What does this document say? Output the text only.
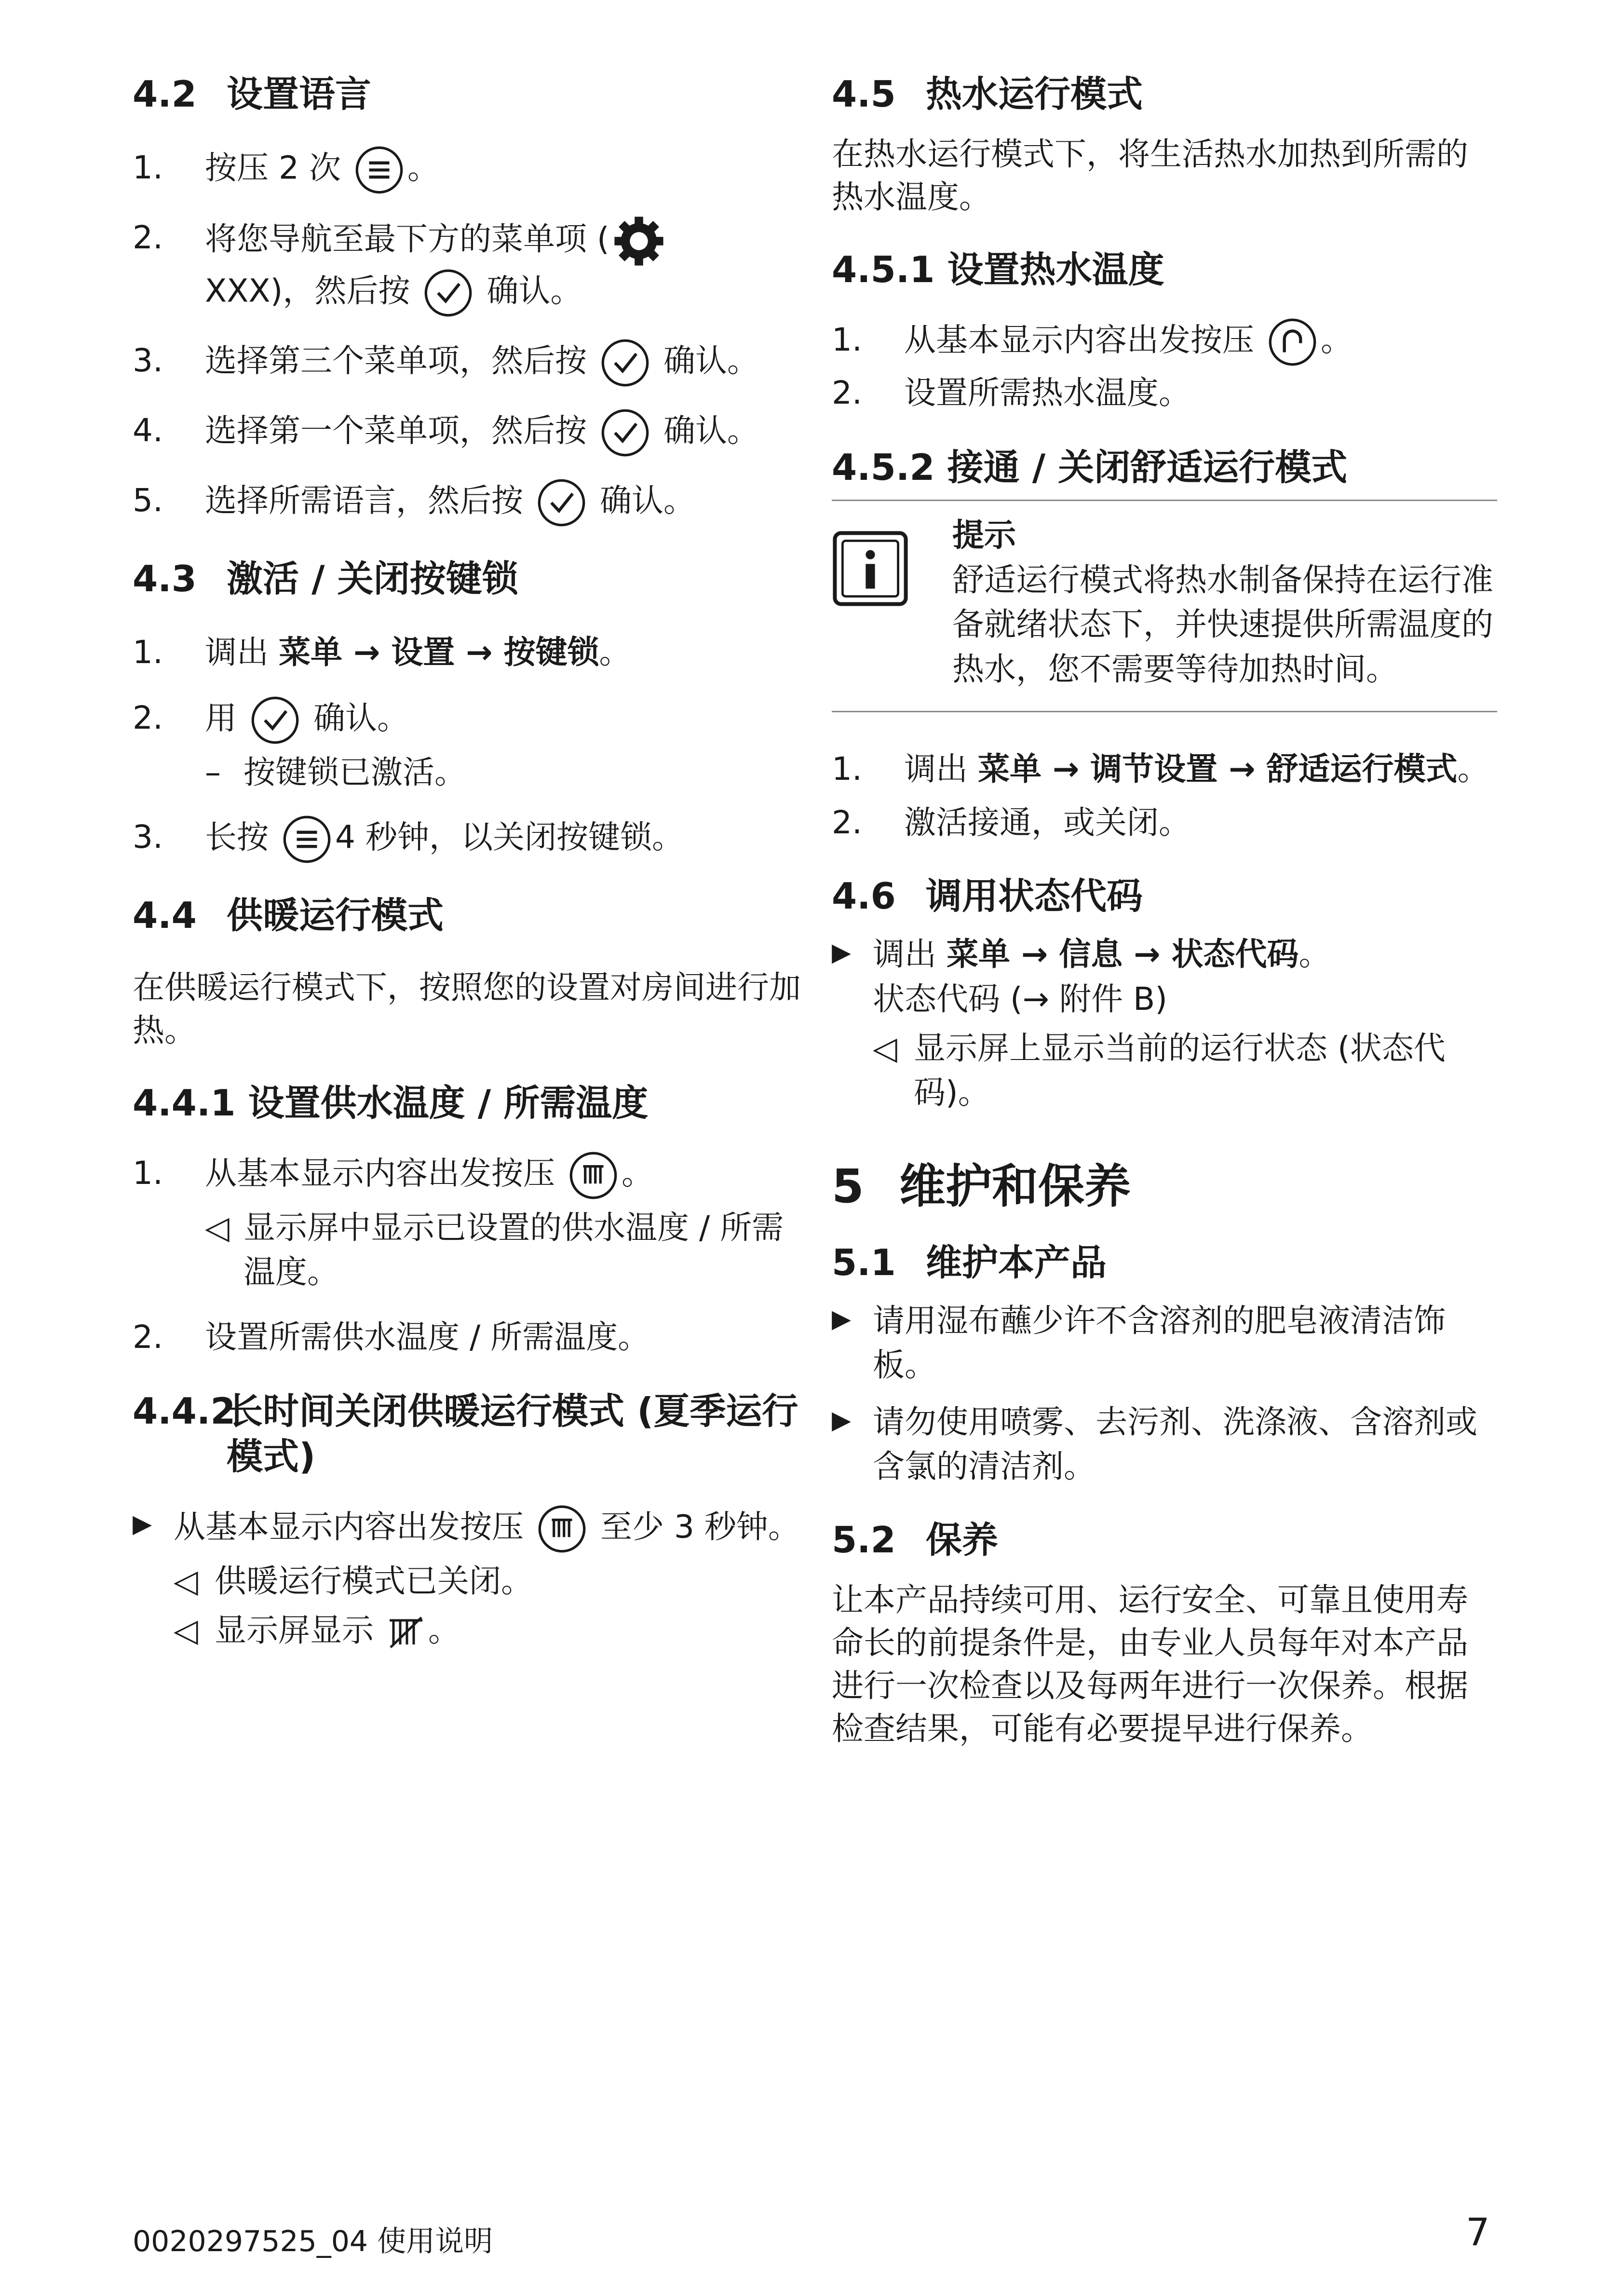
4.2 设置语言
1. 按压 2 次 。
2. 将您导航至最下方的菜单项 (

XXX)，然后按 确认。
3. 选择第三个菜单项，然后按 确认。
4. 选择第一个菜单项，然后按 确认。
5. 选择所需语言，然后按 确认。
4.3 激活 / 关闭按键锁
1. 调出 菜单 → 设置 → 按键锁。
2. 用 确认。
– 按键锁已激活。
3. 长按 4 秒钟，以关闭按键锁。
4.4 供暖运行模式

在供暖运行模式下，按照您的设置对房间进行加热。

4.4.1 设置供水温度 / 所需温度
1. 从基本显示内容出发按压 。
◁ 显示屏中显示已设置的供水温度 / 所需温度。
2. 设置所需供水温度 / 所需温度。
4.4.2长时间关闭供暖运行模式 (夏季运行模式)
▶ 从基本显示内容出发按压 至少 3 秒钟。
◁ 供暖运行模式已关闭。
◁ 显示屏显示 。
4.5 热水运行模式

在热水运行模式下，将生活热水加热到所需的热水温度。

4.5.1 设置热水温度
1. 从基本显示内容出发按压 。
2. 设置所需热水温度。
4.5.2 接通 / 关闭舒适运行模式
提示
舒适运行模式将热水制备保持在运行准备就绪状态下，并快速提供所需温度的热水，您不需要等待加热时间。
1. 调出 菜单 → 调节设置 → 舒适运行模式。
2. 激活接通，或关闭。
4.6 调用状态代码
▶ 调出 菜单 → 信息 → 状态代码。
状态代码 (→ 附件 B)
◁ 显示屏上显示当前的运行状态 (状态代码)。
5 维护和保养
5.1 维护本产品
▶ 请用湿布蘸少许不含溶剂的肥皂液清洁饰板。
▶ 请勿使用喷雾、去污剂、洗涤液、含溶剂或含氯的清洁剂。
5.2 保养

让本产品持续可用、运行安全、可靠且使用寿命长的前提条件是，由专业人员每年对本产品进行一次检查以及每两年进行一次保养。根据检查结果，可能有必要提早进行保养。

0020297525_04 使用说明	7
